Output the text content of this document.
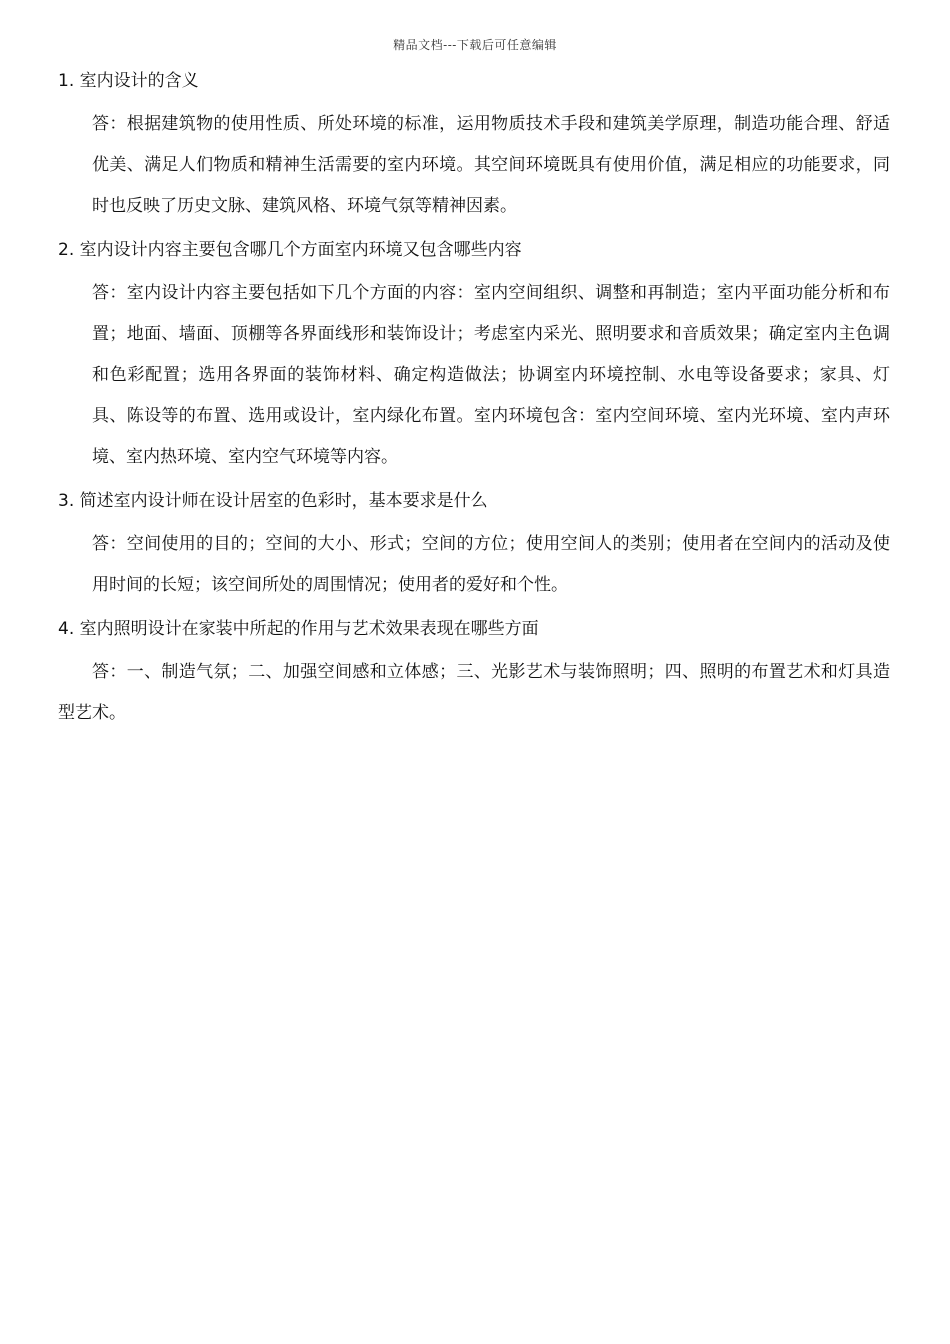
精品文档---下载后可任意编辑

1. 室内设计的含义

答：根据建筑物的使用性质、所处环境的标准，运用物质技术手段和建筑美学原理，制造功能合理、舒适优美、满足人们物质和精神生活需要的室内环境。其空间环境既具有使用价值，满足相应的功能要求，同时也反映了历史文脉、建筑风格、环境气氛等精神因素。

2. 室内设计内容主要包含哪几个方面室内环境又包含哪些内容

答：室内设计内容主要包括如下几个方面的内容：室内空间组织、调整和再制造；室内平面功能分析和布置；地面、墙面、顶棚等各界面线形和装饰设计；考虑室内采光、照明要求和音质效果；确定室内主色调和色彩配置；选用各界面的装饰材料、确定构造做法；协调室内环境控制、水电等设备要求；家具、灯具、陈设等的布置、选用或设计，室内绿化布置。室内环境包含：室内空间环境、室内光环境、室内声环境、室内热环境、室内空气环境等内容。

3. 简述室内设计师在设计居室的色彩时，基本要求是什么

答：空间使用的目的；空间的大小、形式；空间的方位；使用空间人的类别；使用者在空间内的活动及使用时间的长短；该空间所处的周围情况；使用者的爱好和个性。

4. 室内照明设计在家装中所起的作用与艺术效果表现在哪些方面

答：一、制造气氛；二、加强空间感和立体感；三、光影艺术与装饰照明；四、照明的布置艺术和灯具造型艺术。
